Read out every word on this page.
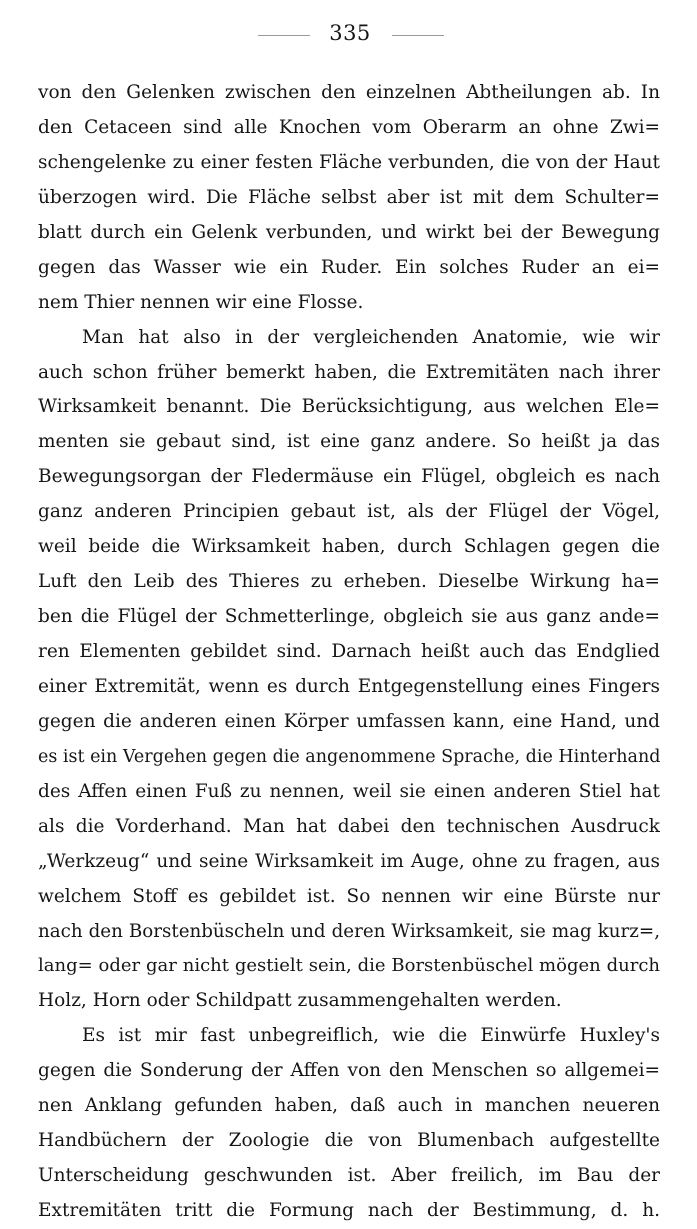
335
von den Gelenken zwischen den einzelnen Abtheilungen ab. In
den Cetaceen sind alle Knochen vom Oberarm an ohne Zwi=
schengelenke zu einer festen Fläche verbunden, die von der Haut
überzogen wird. Die Fläche selbst aber ist mit dem Schulter=
blatt durch ein Gelenk verbunden, und wirkt bei der Bewegung
gegen das Wasser wie ein Ruder. Ein solches Ruder an ei=
nem Thier nennen wir eine Flosse.
Man hat also in der vergleichenden Anatomie, wie wir
auch schon früher bemerkt haben, die Extremitäten nach ihrer
Wirksamkeit benannt. Die Berücksichtigung, aus welchen Ele=
menten sie gebaut sind, ist eine ganz andere. So heißt ja das
Bewegungsorgan der Fledermäuse ein Flügel, obgleich es nach
ganz anderen Principien gebaut ist, als der Flügel der Vögel,
weil beide die Wirksamkeit haben, durch Schlagen gegen die
Luft den Leib des Thieres zu erheben. Dieselbe Wirkung ha=
ben die Flügel der Schmetterlinge, obgleich sie aus ganz ande=
ren Elementen gebildet sind. Darnach heißt auch das Endglied
einer Extremität, wenn es durch Entgegenstellung eines Fingers
gegen die anderen einen Körper umfassen kann, eine Hand, und
es ist ein Vergehen gegen die angenommene Sprache, die Hinterhand
des Affen einen Fuß zu nennen, weil sie einen anderen Stiel hat
als die Vorderhand. Man hat dabei den technischen Ausdruck
„Werkzeug“ und seine Wirksamkeit im Auge, ohne zu fragen, aus
welchem Stoff es gebildet ist. So nennen wir eine Bürste nur
nach den Borstenbüscheln und deren Wirksamkeit, sie mag kurz=,
lang= oder gar nicht gestielt sein, die Borstenbüschel mögen durch
Holz, Horn oder Schildpatt zusammengehalten werden.
Es ist mir fast unbegreiflich, wie die Einwürfe Huxley's
gegen die Sonderung der Affen von den Menschen so allgemei=
nen Anklang gefunden haben, daß auch in manchen neueren
Handbüchern der Zoologie die von Blumenbach aufgestellte
Unterscheidung geschwunden ist. Aber freilich, im Bau der
Extremitäten tritt die Formung nach der Bestimmung, d. h.
